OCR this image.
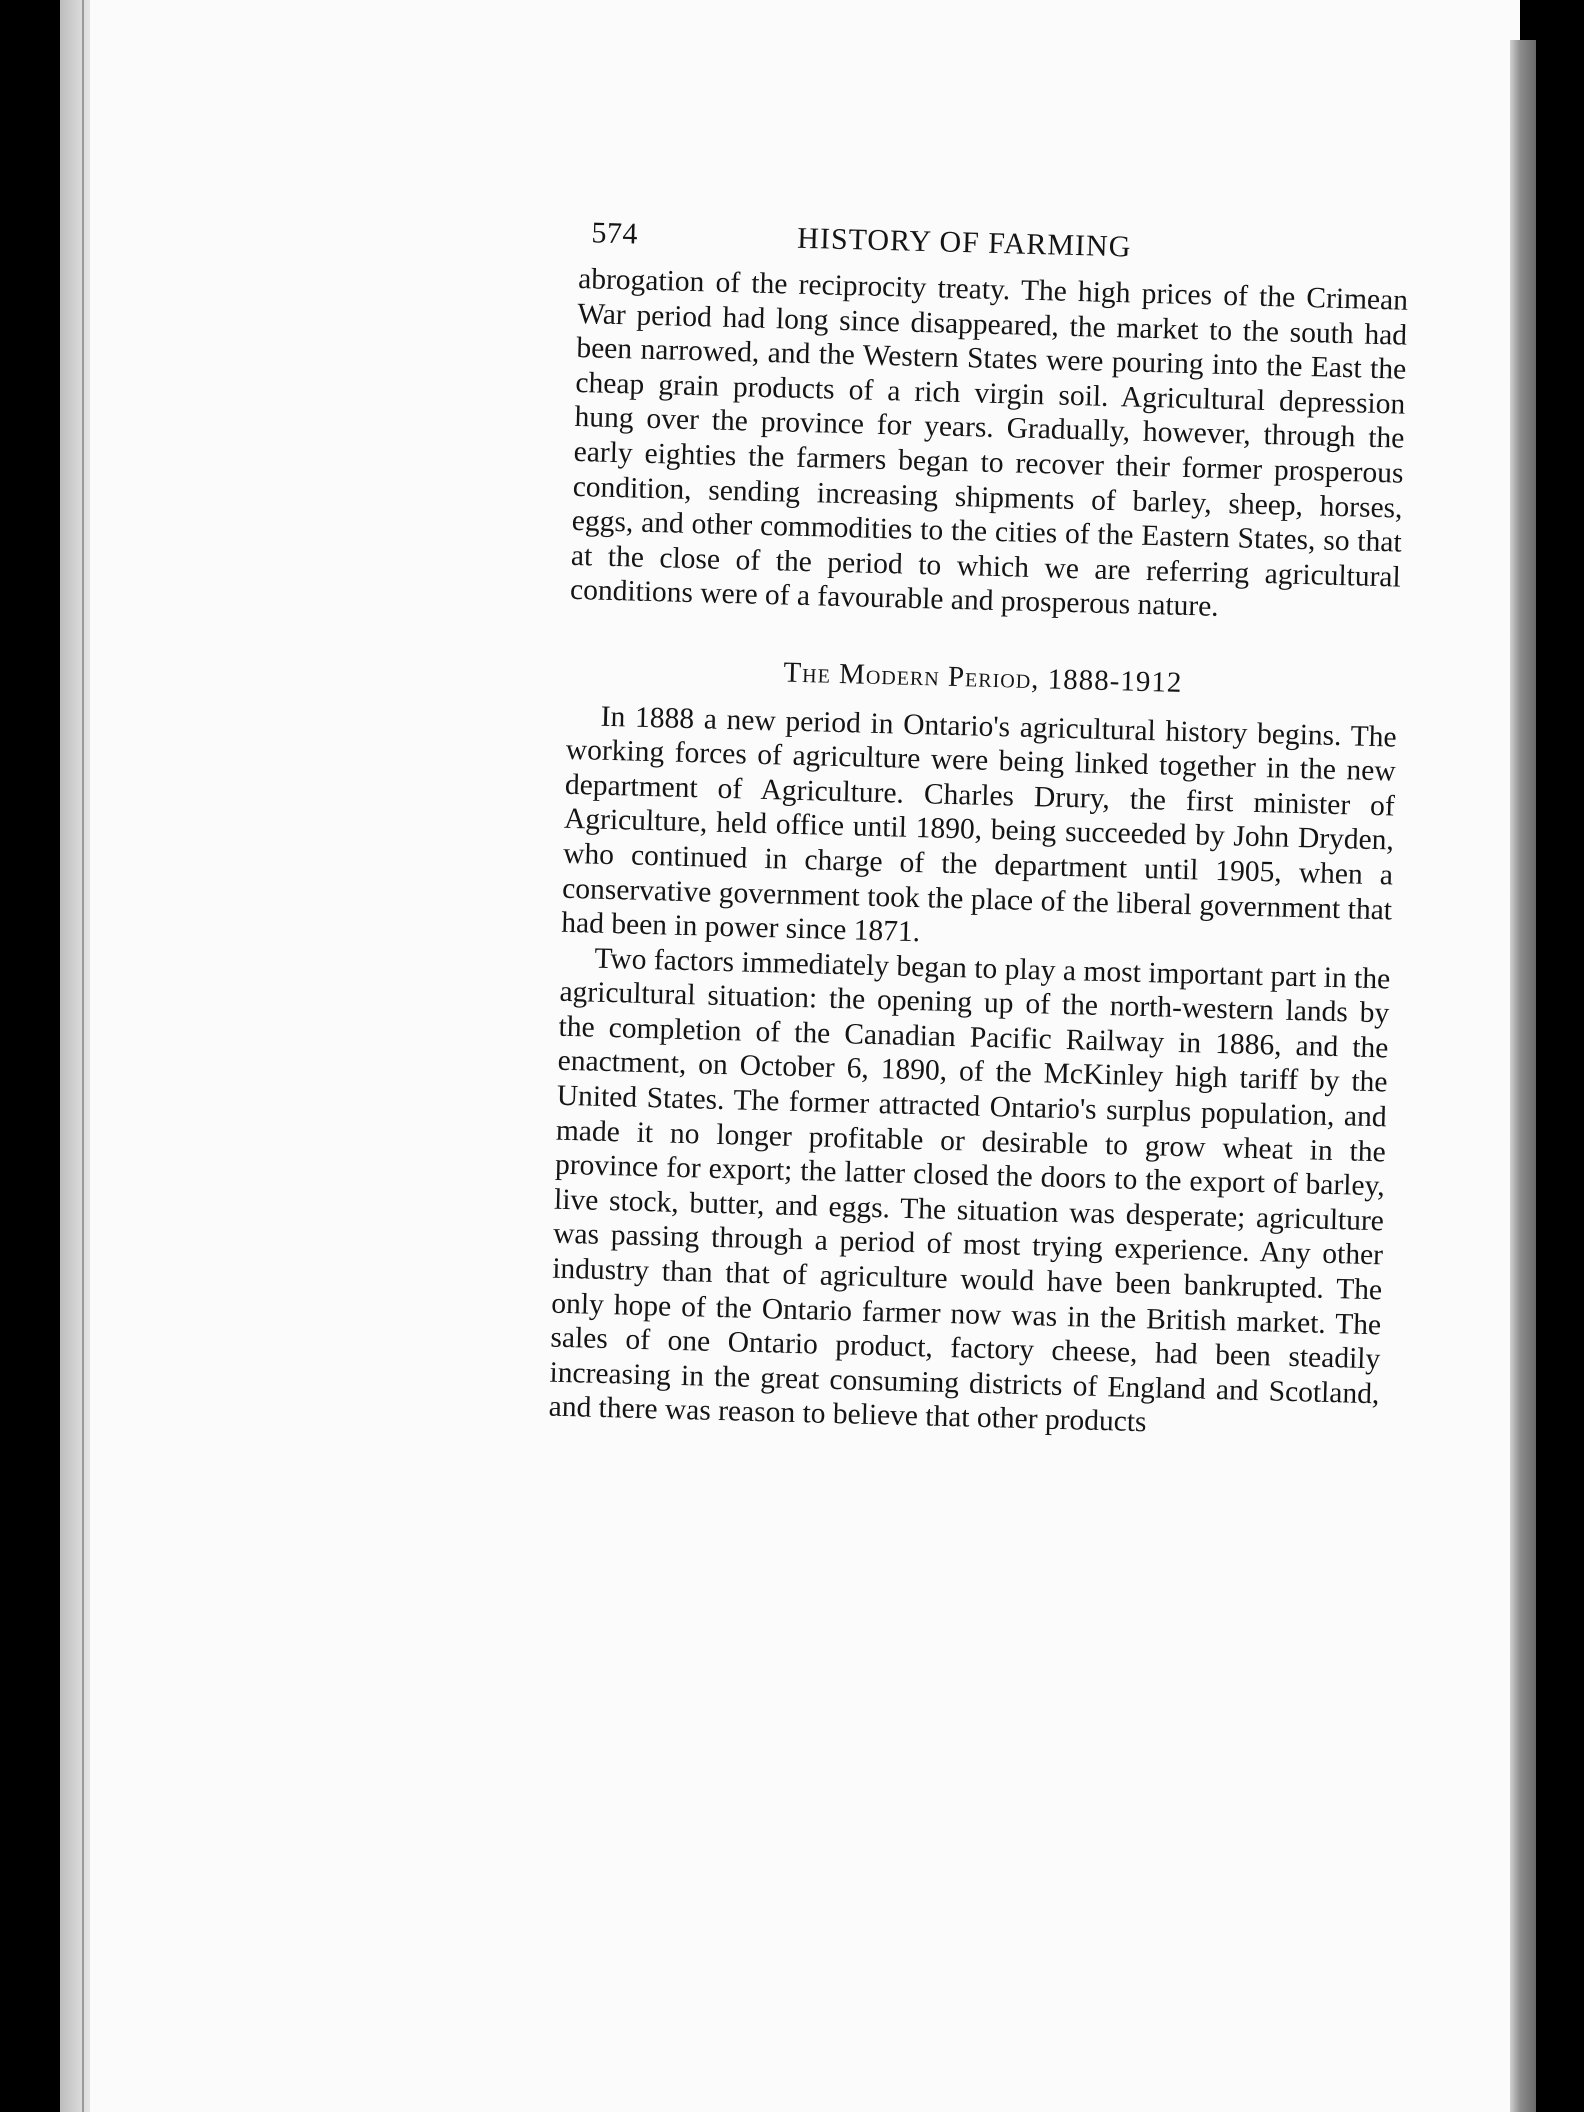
574	HISTORY OF FARMING

abrogation of the reciprocity treaty. The high prices of the Crimean War period had long since disappeared, the market to the south had been narrowed, and the Western States were pouring into the East the cheap grain products of a rich virgin soil. Agricultural depression hung over the province for years. Gradually, however, through the early eighties the farmers began to recover their former prosperous condition, sending increasing shipments of barley, sheep, horses, eggs, and other commodities to the cities of the Eastern States, so that at the close of the period to which we are referring agricultural conditions were of a favourable and prosperous nature.

The Modern Period, 1888-1912

In 1888 a new period in Ontario's agricultural history begins. The working forces of agriculture were being linked together in the new department of Agriculture. Charles Drury, the first minister of Agriculture, held office until 1890, being succeeded by John Dryden, who continued in charge of the department until 1905, when a conservative government took the place of the liberal government that had been in power since 1871.

Two factors immediately began to play a most important part in the agricultural situation: the opening up of the north-western lands by the completion of the Canadian Pacific Railway in 1886, and the enactment, on October 6, 1890, of the McKinley high tariff by the United States. The former attracted Ontario's surplus population, and made it no longer profitable or desirable to grow wheat in the province for export; the latter closed the doors to the export of barley, live stock, butter, and eggs. The situation was desperate; agriculture was passing through a period of most trying experience. Any other industry than that of agriculture would have been bankrupted. The only hope of the Ontario farmer now was in the British market. The sales of one Ontario product, factory cheese, had been steadily increasing in the great consuming districts of England and Scotland, and there was reason to believe that other products
